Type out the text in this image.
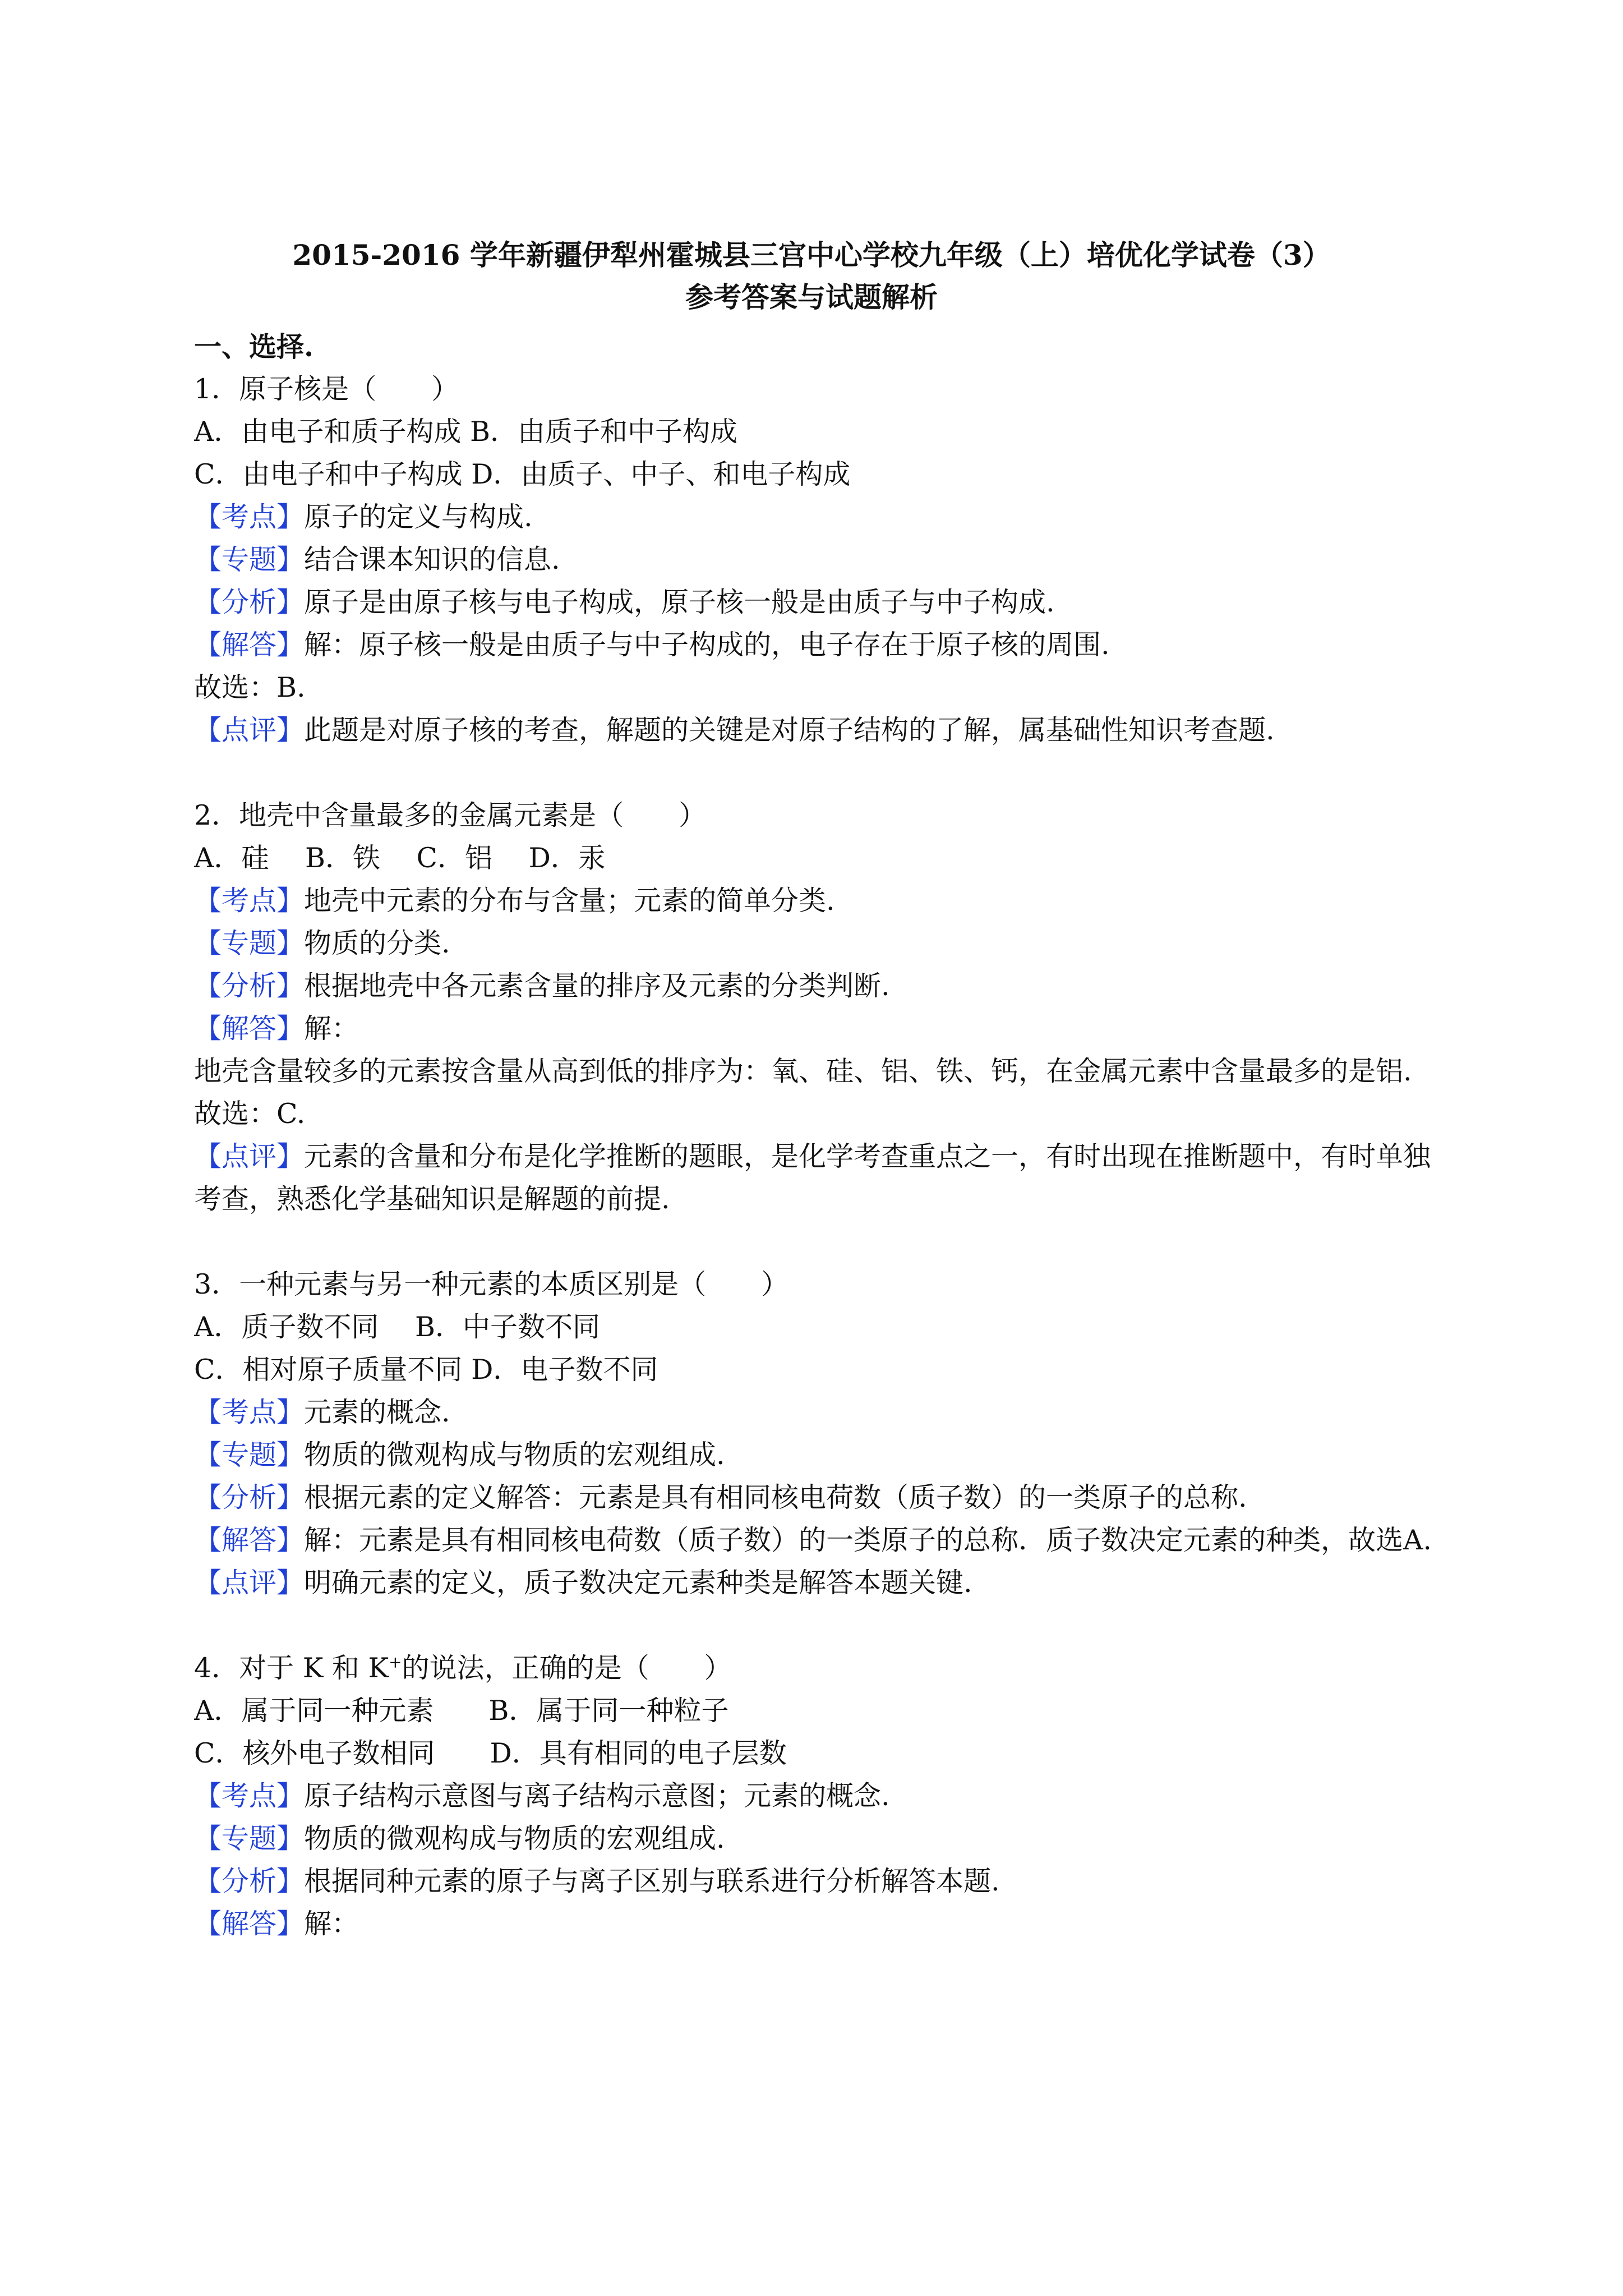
2015-2016 学年新疆伊犁州霍城县三宫中心学校九年级（上）培优化学试卷（3）
参考答案与试题解析
一、选择.
1．原子核是（　　）
A．由电子和质子构成 B．由质子和中子构成
C．由电子和中子构成 D．由质子、中子、和电子构成
【考点】原子的定义与构成.
【专题】结合课本知识的信息.
【分析】原子是由原子核与电子构成，原子核一般是由质子与中子构成.
【解答】解：原子核一般是由质子与中子构成的，电子存在于原子核的周围.
故选：B.
【点评】此题是对原子核的考查，解题的关键是对原子结构的了解，属基础性知识考查题.
2．地壳中含量最多的金属元素是（　　）
A．硅　 B．铁　 C．铝　 D．汞
【考点】地壳中元素的分布与含量；元素的简单分类.
【专题】物质的分类.
【分析】根据地壳中各元素含量的排序及元素的分类判断.
【解答】解：
地壳含量较多的元素按含量从高到低的排序为：氧、硅、铝、铁、钙，在金属元素中含量最多的是铝.
故选：C.
【点评】元素的含量和分布是化学推断的题眼，是化学考查重点之一，有时出现在推断题中，有时单独考查，熟悉化学基础知识是解题的前提.
3．一种元素与另一种元素的本质区别是（　　）
A．质子数不同　 B．中子数不同
C．相对原子质量不同 D．电子数不同
【考点】元素的概念.
【专题】物质的微观构成与物质的宏观组成.
【分析】根据元素的定义解答：元素是具有相同核电荷数（质子数）的一类原子的总称.
【解答】解：元素是具有相同核电荷数（质子数）的一类原子的总称．质子数决定元素的种类，故选A.
【点评】明确元素的定义，质子数决定元素种类是解答本题关键.
4．对于 K 和 K+的说法，正确的是（　　）
A．属于同一种元素　　B．属于同一种粒子
C．核外电子数相同　　D．具有相同的电子层数
【考点】原子结构示意图与离子结构示意图；元素的概念.
【专题】物质的微观构成与物质的宏观组成.
【分析】根据同种元素的原子与离子区别与联系进行分析解答本题.
【解答】解：
